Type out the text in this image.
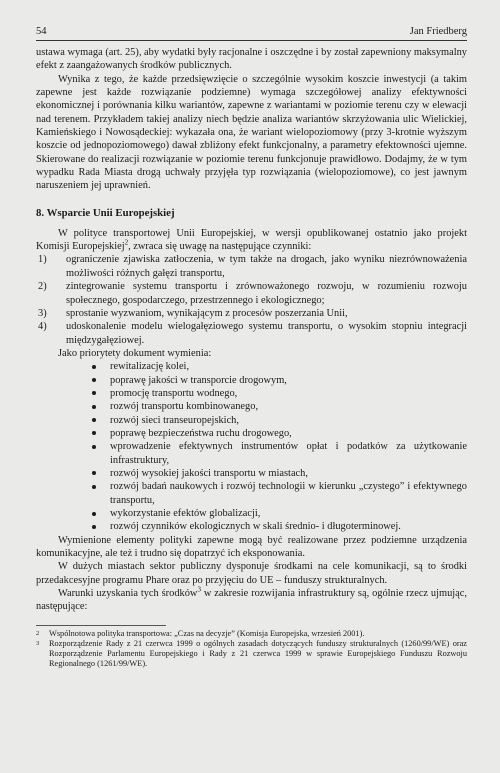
54	Jan Friedberg

ustawa wymaga (art. 25), aby wydatki były racjonalne i oszczędne i by został zapewniony maksymalny efekt z zaangażowanych środków publicznych.

Wynika z tego, że każde przedsięwzięcie o szczególnie wysokim koszcie inwestycji (a takim zapewne jest każde rozwiązanie podziemne) wymaga szczegółowej analizy efektywności ekonomicznej i porównania kilku wariantów, zapewne z wariantami w poziomie terenu czy w elewacji nad terenem. Przykładem takiej analizy niech będzie analiza wariantów skrzyżowania ulic Wielickiej, Kamieńskiego i Nowosądeckiej: wykazała ona, że wariant wielopoziomowy (przy 3-krotnie wyższym koszcie od jednopoziomowego) dawał zbliżony efekt funkcjonalny, a parametry efektowności ujemne. Skierowane do realizacji rozwiązanie w poziomie terenu funkcjonuje prawidłowo. Dodajmy, że w tym wypadku Rada Miasta drogą uchwały przyjęła typ rozwiązania (wielopoziomowe), co jest jawnym naruszeniem jej uprawnień.

8. Wsparcie Unii Europejskiej

W polityce transportowej Unii Europejskiej, w wersji opublikowanej ostatnio jako projekt Komisji Europejskiej$^2$, zwraca się uwagę na następujące czynniki:

1)	ograniczenie zjawiska zatłoczenia, w tym także na drogach, jako wyniku niezrównoważenia możliwości różnych gałęzi transportu,
2)	zintegrowanie systemu transportu i zrównoważonego rozwoju, w rozumieniu rozwoju społecznego, gospodarczego, przestrzennego i ekologicznego;
3)	sprostanie wyzwaniom, wynikającym z procesów poszerzania Unii,
4)	udoskonalenie modelu wielogałęziowego systemu transportu, o wysokim stopniu integracji międzygałęziowej.

Jako priorytety dokument wymienia:

rewitalizację kolei,
poprawę jakości w transporcie drogowym,
promocję transportu wodnego,
rozwój transportu kombinowanego,
rozwój sieci transeuropejskich,
poprawę bezpieczeństwa ruchu drogowego,
wprowadzenie efektywnych instrumentów opłat i podatków za użytkowanie infrastruktury,
rozwój wysokiej jakości transportu w miastach,
rozwój badań naukowych i rozwój technologii w kierunku „czystego” i efektywnego transportu,
wykorzystanie efektów globalizacji,
rozwój czynników ekologicznych w skali średnio- i długoterminowej.

Wymienione elementy polityki zapewne mogą być realizowane przez podziemne urządzenia komunikacyjne, ale też i trudno się dopatrzyć ich eksponowania.

W dużych miastach sektor publiczny dysponuje środkami na cele komunikacji, są to środki przedakcesyjne programu Phare oraz po przyjęciu do UE – funduszy strukturalnych.

Warunki uzyskania tych środków$^3$ w zakresie rozwijania infrastruktury są, ogólnie rzecz ujmując, następujące:

2	Wspólnotowa polityka transportowa: „Czas na decyzje” (Komisja Europejska, wrzesień 2001).
3	Rozporządzenie Rady z 21 czerwca 1999 o ogólnych zasadach dotyczących funduszy strukturalnych (1260/99/WE) oraz Rozporządzenie Parlamentu Europejskiego i Rady z 21 czerwca 1999 w sprawie Europejskiego Funduszu Rozwoju Regionalnego (1261/99/WE).
